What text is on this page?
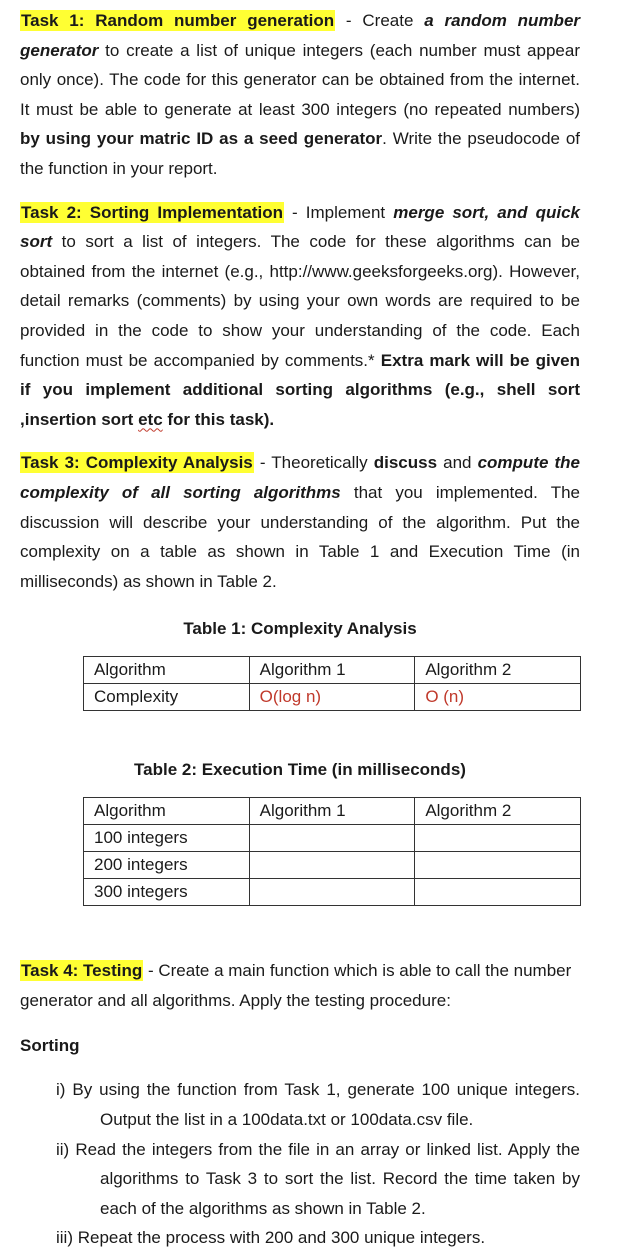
Task 1: Random number generation - Create a random number generator to create a list of unique integers (each number must appear only once). The code for this generator can be obtained from the internet. It must be able to generate at least 300 integers (no repeated numbers) by using your matric ID as a seed generator. Write the pseudocode of the function in your report.

Task 2: Sorting Implementation - Implement merge sort, and quick sort to sort a list of integers. The code for these algorithms can be obtained from the internet (e.g., http://www.geeksforgeeks.org). However, detail remarks (comments) by using your own words are required to be provided in the code to show your understanding of the code. Each function must be accompanied by comments.* Extra mark will be given if you implement additional sorting algorithms (e.g., shell sort ,insertion sort etc for this task).

Task 3: Complexity Analysis - Theoretically discuss and compute the complexity of all sorting algorithms that you implemented. The discussion will describe your understanding of the algorithm. Put the complexity on a table as shown in Table 1 and Execution Time (in milliseconds) as shown in Table 2.

Table 1: Complexity Analysis

Algorithm	Algorithm 1	Algorithm 2
Complexity	O(log n)	O (n)

Table 2: Execution Time (in milliseconds)

Algorithm	Algorithm 1	Algorithm 2
100 integers		
200 integers		
300 integers		

Task 4: Testing - Create a main function which is able to call the number generator and all algorithms. Apply the testing procedure:

Sorting

i) By using the function from Task 1, generate 100 unique integers. Output the list in a 100data.txt or 100data.csv file.
ii) Read the integers from the file in an array or linked list. Apply the algorithms to Task 3 to sort the list. Record the time taken by each of the algorithms as shown in Table 2.
iii) Repeat the process with 200 and 300 unique integers.
